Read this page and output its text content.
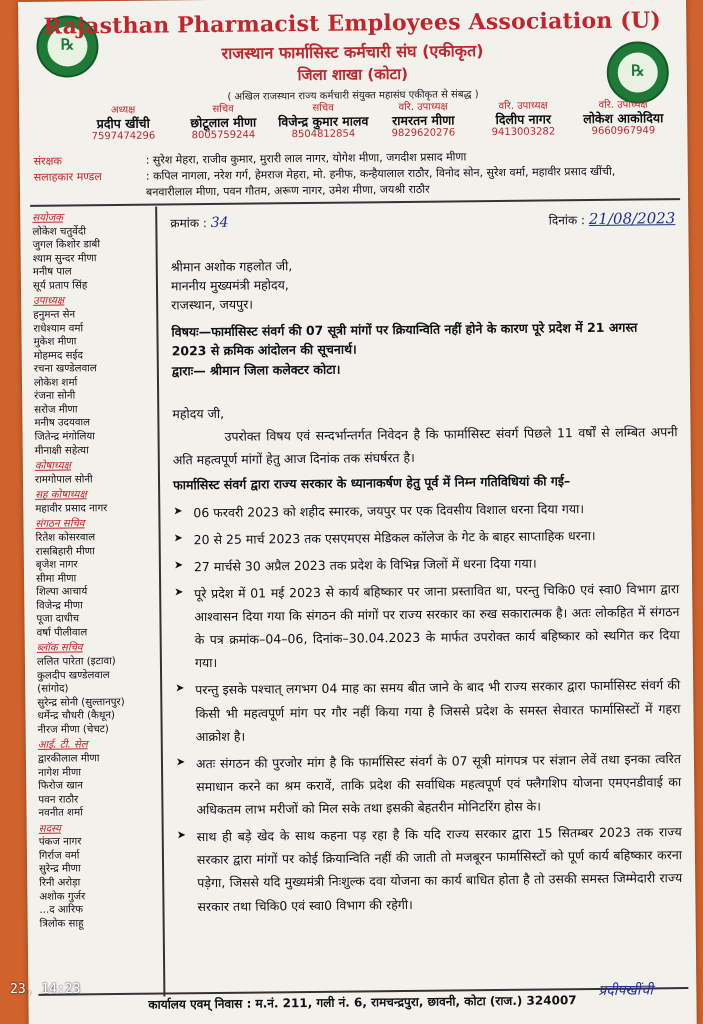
℞
℞
Rajasthan Pharmacist Employees Association (U)
राजस्थान फार्मासिस्ट कर्मचारी संघ (एकीकृत)
जिला शाखा (कोटा)
( अखिल राजस्थान राज्य कर्मचारी संयुक्त महासंघ एकीकृत से संबद्ध )
अध्यक्ष
प्रदीप खींची
7597474296
सचिव
छोटूलाल मीणा
8005759244
सचिव
विजेन्द्र कुमार मालव
8504812854
वरि. उपाध्यक्ष
रामरतन मीणा
9829620276
वरि. उपाध्यक्ष
दिलीप नागर
9413003282
वरि. उपाध्यक्ष
लोकेश आकोदिया
9660967949
संरक्षक	: सुरेश मेहरा, राजीव कुमार, मुरारी लाल नागर, योगेश मीणा, जगदीश प्रसाद मीणा
सलाहकार मण्डल	: कपिल नागला, नरेश गर्ग, हेमराज मेहरा, मो. हनीफ, कन्हैयालाल राठौर, विनोद सोन, सुरेश वर्मा, महावीर प्रसाद खींची,
बनवारीलाल मीणा, पवन गौतम, अरूण नागर, उमेश मीणा, जयश्री राठौर
सयोजक
लोकेश चतुर्वेदी
जुगल किशोर डाबी
श्याम सुन्दर मीणा
मनीष पाल
सूर्य प्रताप सिंह
उपाध्यक्ष
हनुमन्त सेन
राधेश्याम वर्मा
मुकेश मीणा
मोहम्मद सईद
रचना खण्डेलवाल
लोकेश शर्मा
रंजना सोनी
सरोज मीणा
मनीष उदयवाल
जितेन्द्र मंगोलिया
मीनाक्षी सहेत्या
कोषाध्यक्ष
रामगोपाल सोनी
सह कोषाध्यक्ष
महावीर प्रसाद नागर
संगठन सचिव
रितेश कोसरवाल
रासबिहारी मीणा
बृजेश नागर
सीमा मीणा
शिल्पा आचार्य
विजेन्द्र मीणा
पूजा दाधीच
वर्षा पीलीवाल
ब्लॉक सचिव
ललित पारेता (इटावा)
कुलदीप खण्डेलवाल
(सांगोद)
सुरेन्द्र सोनी (सुल्तानपुर)
धर्मेन्द्र चौधरी (कैथून)
नीरज मीणा (चेचट)
आई. टी. सेल
द्वारकीलाल मीणा
नागेश मीणा
फिरोज खान
पवन राठौर
नवनीत शर्मा
सदस्य
पंकज नागर
गिर्राज वर्मा
सुरेन्द्र मीणा
रिनी अरोड़ा
अशोक गुर्जर
...द आरिफ
त्रिलोक साहू
क्रमांक : 34	दिनांक : 21/08/2023
श्रीमान अशोक गहलोत जी,
माननीय मुख्यमंत्री महोदय,
राजस्थान, जयपुर।
विषयः—फार्मासिस्ट संवर्ग की 07 सूत्री मांगों पर क्रियान्विति नहीं होने के कारण पूरे प्रदेश में 21 अगस्त 2023 से क्रमिक आंदोलन की सूचनार्थ।
द्वाराः— श्रीमान जिला कलेक्टर कोटा।

महोदय जी,

उपरोक्त विषय एवं सन्दर्भान्तर्गत निवेदन है कि फार्मासिस्ट संवर्ग पिछले 11 वर्षों से लम्बित अपनी अति महत्वपूर्ण मांगों हेतु आज दिनांक तक संघर्षरत है।

फार्मासिस्ट संवर्ग द्वारा राज्य सरकार के ध्यानाकर्षण हेतु पूर्व में निम्न गतिविधियां की गई–

➤ 06 फरवरी 2023 को शहीद स्मारक, जयपुर पर एक दिवसीय विशाल धरना दिया गया।
➤ 20 से 25 मार्च 2023 तक एसएमएस मेडिकल कॉलेज के गेट के बाहर साप्ताहिक धरना।
➤ 27 मार्चसे 30 अप्रैल 2023 तक प्रदेश के विभिन्न जिलों में धरना दिया गया।
➤ पूरे प्रदेश में 01 मई 2023 से कार्य बहिष्कार पर जाना प्रस्तावित था, परन्तु चिकि0 एवं स्वा0 विभाग द्वारा आश्वासन दिया गया कि संगठन की मांगों पर राज्य सरकार का रुख सकारात्मक है। अतः लोकहित में संगठन के पत्र क्रमांक–04–06, दिनांक–30.04.2023 के मार्फत उपरोक्त कार्य बहिष्कार को स्थगित कर दिया गया।
➤ परन्तु इसके पश्चात् लगभग 04 माह का समय बीत जाने के बाद भी राज्य सरकार द्वारा फार्मासिस्ट संवर्ग की किसी भी महत्वपूर्ण मांग पर गौर नहीं किया गया है जिससे प्रदेश के समस्त सेवारत फार्मासिस्टों में गहरा आक्रोश है।
➤ अतः संगठन की पुरजोर मांग है कि फार्मासिस्ट संवर्ग के 07 सूत्री मांगपत्र पर संज्ञान लेवें तथा इनका त्वरित समाधान करने का श्रम करावें, ताकि प्रदेश की सर्वाधिक महत्वपूर्ण एवं फ्लैगशिप योजना एमएनडीवाई का अधिकतम लाभ मरीजों को मिल सके तथा इसकी बेहतरीन मोनिटरिंग होस के।
➤ साथ ही बड़े खेद के साथ कहना पड़ रहा है कि यदि राज्य सरकार द्वारा 15 सितम्बर 2023 तक राज्य सरकार द्वारा मांगों पर कोई क्रियान्विति नहीं की जाती तो मजबूरन फार्मासिस्टों को पूर्ण कार्य बहिष्कार करना पड़ेगा, जिससे यदि मुख्यमंत्री निःशुल्क दवा योजना का कार्य बाधित होता है तो उसकी समस्त जिम्मेदारी राज्य सरकार तथा चिकि0 एवं स्वा0 विभाग की रहेगी।
कार्यालय एवम् निवास : म.नं. 211, गली नं. 6, रामचन्द्रपुरा, छावनी, कोटा (राज.) 324007
प्रदीपखींची
23, 14:23
